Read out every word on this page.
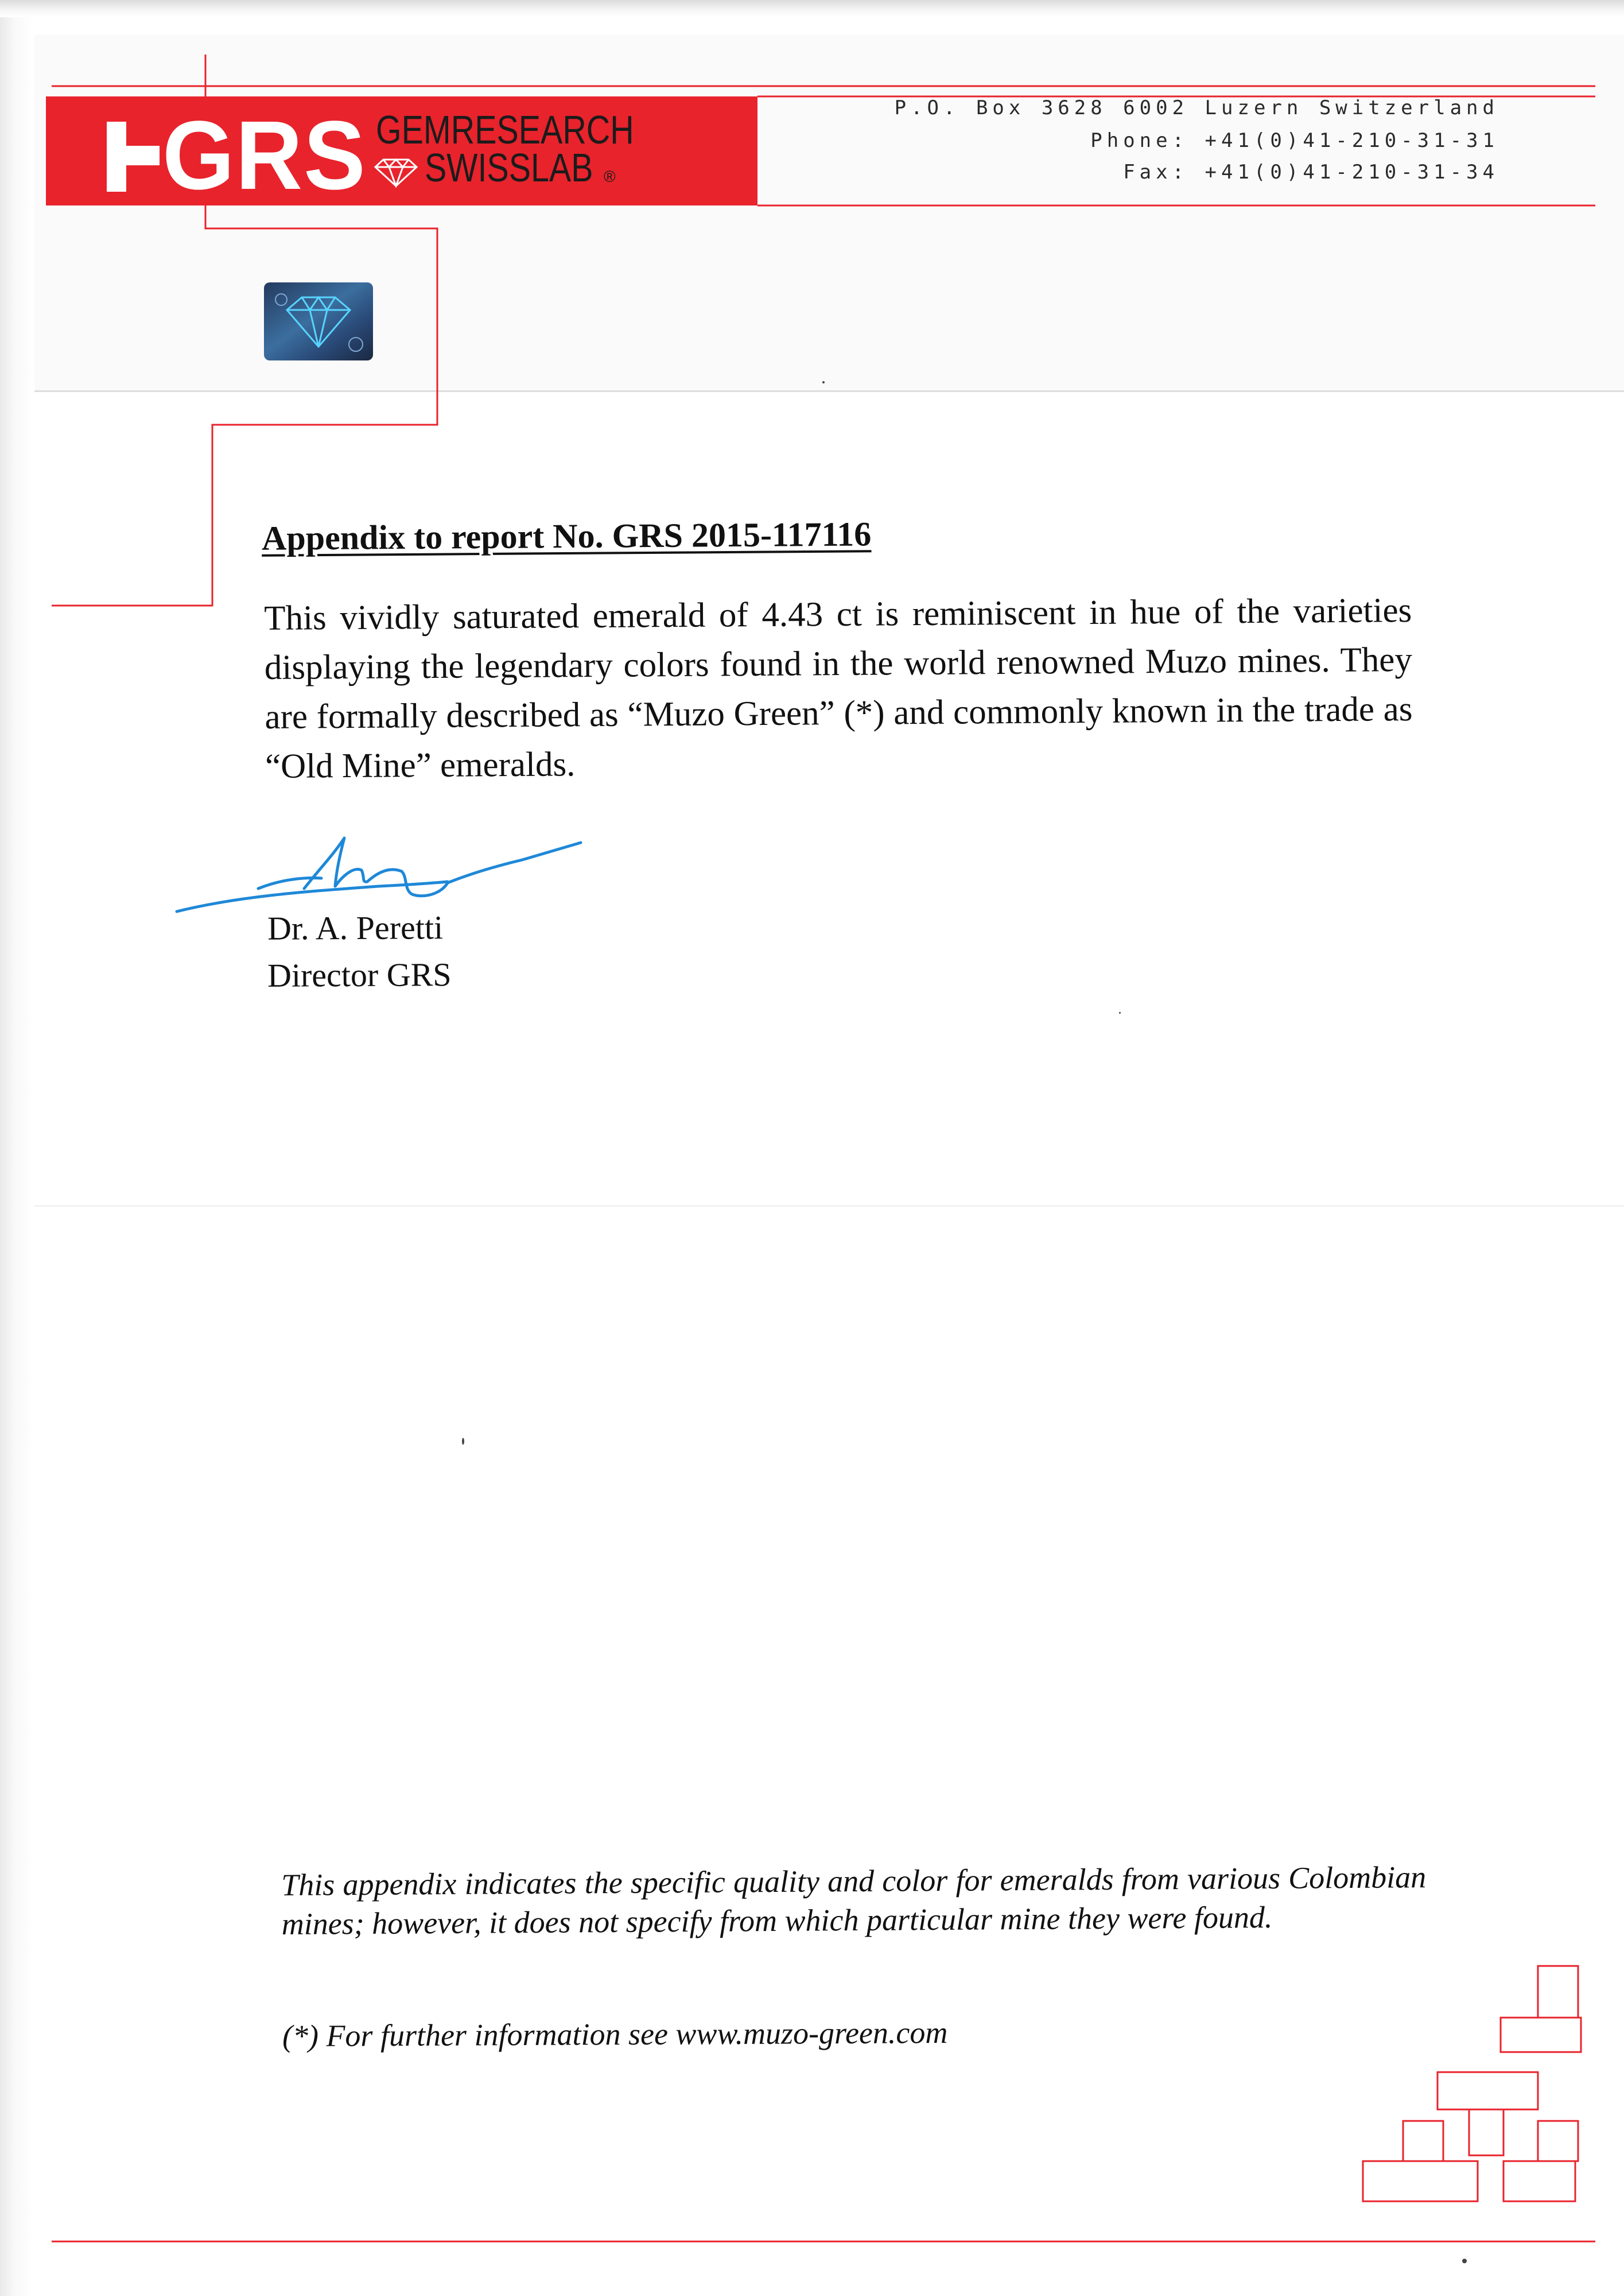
GRS GEMRESEARCH
SWISSLAB ®
P.O. Box 3628 6002 Luzern Switzerland
Phone: +41(0)41-210-31-31
Fax: +41(0)41-210-31-34
Appendix to report No. GRS 2015-117116
This vividly saturated emerald of 4.43 ct is reminiscent in hue of the varieties displaying the legendary colors found in the world renowned Muzo mines. They are formally described as “Muzo Green” (*) and commonly known in the trade as “Old Mine” emeralds.
Dr. A. Peretti
Director GRS
This appendix indicates the specific quality and color for emeralds from various Colombian mines; however, it does not specify from which particular mine they were found.
(*) For further information see www.muzo-green.com
